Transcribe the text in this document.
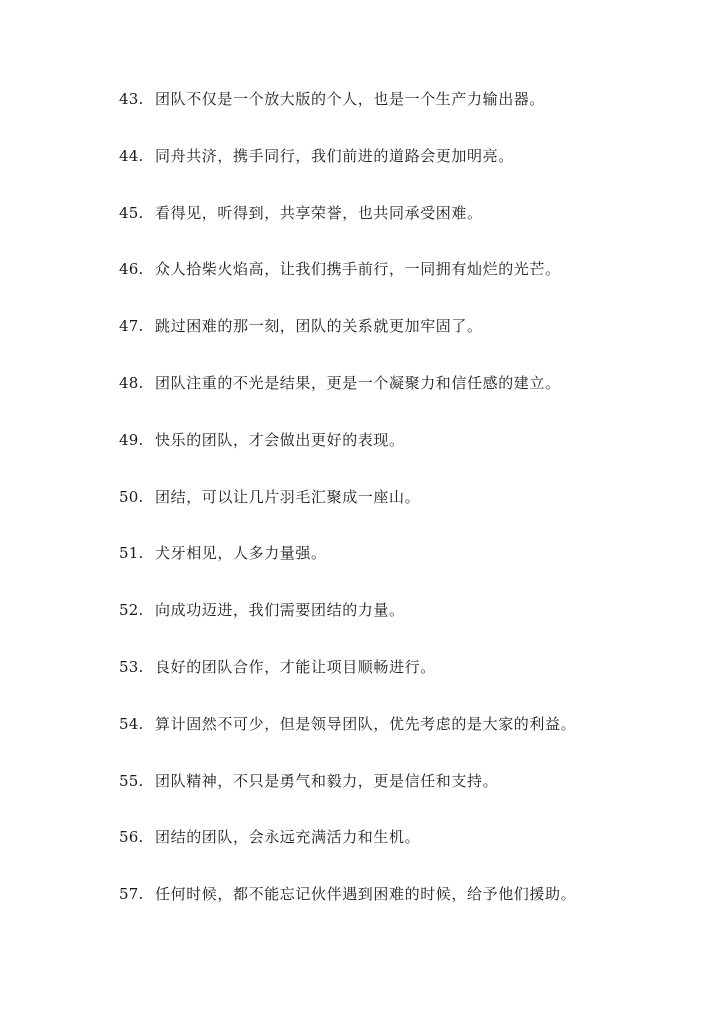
43. 团队不仅是一个放大版的个人，也是一个生产力输出器。
44. 同舟共济，携手同行，我们前进的道路会更加明亮。
45. 看得见，听得到，共享荣誉，也共同承受困难。
46. 众人拾柴火焰高，让我们携手前行，一同拥有灿烂的光芒。
47. 跳过困难的那一刻，团队的关系就更加牢固了。
48. 团队注重的不光是结果，更是一个凝聚力和信任感的建立。
49. 快乐的团队，才会做出更好的表现。
50. 团结，可以让几片羽毛汇聚成一座山。
51. 犬牙相见，人多力量强。
52. 向成功迈进，我们需要团结的力量。
53. 良好的团队合作，才能让项目顺畅进行。
54. 算计固然不可少，但是领导团队，优先考虑的是大家的利益。
55. 团队精神，不只是勇气和毅力，更是信任和支持。
56. 团结的团队，会永远充满活力和生机。
57. 任何时候，都不能忘记伙伴遇到困难的时候，给予他们援助。
